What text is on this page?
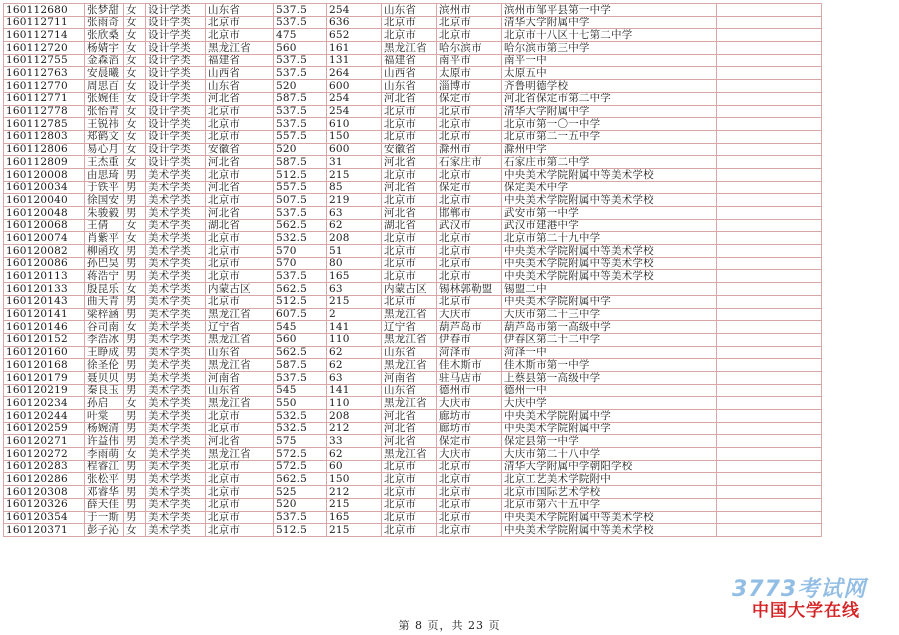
160112680	张梦甜	女	设计学类	山东省	537.5	254	山东省	滨州市	滨州市邹平县第一中学	
160112711	张雨奇	女	设计学类	北京市	537.5	636	北京市	北京市	清华大学附属中学	
160112714	张欣桑	女	设计学类	北京市	475	652	北京市	北京市	北京市十八区十七第二中学	
160112720	杨婧宇	女	设计学类	黑龙江省	560	161	黑龙江省	哈尔滨市	哈尔滨市第三中学	
160112755	金森滔	女	设计学类	福建省	537.5	131	福建省	南平市	南平一中	
160112763	安晨曦	女	设计学类	山西省	537.5	264	山西省	太原市	太原五中	
160112770	周思百	女	设计学类	山东省	520	600	山东省	淄博市	齐鲁明德学校	
160112771	张婉佳	女	设计学类	河北省	587.5	254	河北省	保定市	河北省保定市第二中学	
160112778	张怡青	女	设计学类	北京市	537.5	254	北京市	北京市	清华大学附属中学	
160112785	王锐祎	女	设计学类	北京市	537.5	610	北京市	北京市	北京市第一〇一中学	
160112803	郑鹤文	女	设计学类	北京市	557.5	150	北京市	北京市	北京市第二一五中学	
160112806	易心月	女	设计学类	安徽省	520	600	安徽省	滁州市	滁州中学	
160112809	王杰重	女	设计学类	河北省	587.5	31	河北省	石家庄市	石家庄市第二中学	
160120008	由思琦	男	美术学类	北京市	512.5	215	北京市	北京市	中央美术学院附属中等美术学校	
160120034	于铁平	男	美术学类	河北省	557.5	85	河北省	保定市	保定美术中学	
160120040	徐国安	男	美术学类	北京市	507.5	219	北京市	北京市	中央美术学院附属中等美术学校	
160120048	朱骏毅	男	美术学类	河北省	537.5	63	河北省	邯郸市	武安市第一中学	
160120068	王倩	女	美术学类	湖北省	562.5	62	湖北省	武汉市	武汉市建港中学	
160120074	肖紫平	女	美术学类	北京市	532.5	208	北京市	北京市	北京市第二十九中学	
160120082	柳函玫	男	美术学类	北京市	570	51	北京市	北京市	中央美术学院附属中等美术学校	
160120086	孙巴昊	男	美术学类	北京市	570	80	北京市	北京市	中央美术学院附属中等美术学校	
160120113	蒋浩宁	男	美术学类	北京市	537.5	165	北京市	北京市	中央美术学院附属中等美术学校	
160120133	殷昆乐	女	美术学类	内蒙古区	562.5	63	内蒙古区	锡林郭勒盟	锡盟二中	
160120143	曲天青	男	美术学类	北京市	512.5	215	北京市	北京市	中央美术学院附属中学	
160120141	梁梓涵	男	美术学类	黑龙江省	607.5	2	黑龙江省	大庆市	大庆市第二十三中学	
160120146	谷司南	女	美术学类	辽宁省	545	141	辽宁省	葫芦岛市	葫芦岛市第一高级中学	
160120152	李浩冰	男	美术学类	黑龙江省	560	110	黑龙江省	伊春市	伊春区第二十二中学	
160120160	王睁成	男	美术学类	山东省	562.5	62	山东省	菏泽市	菏泽一中	
160120168	徐圣伦	男	美术学类	黑龙江省	587.5	62	黑龙江省	佳木斯市	佳木斯市第一中学	
160120179	聂贝贝	男	美术学类	河南省	537.5	63	河南省	驻马店市	上蔡县第一高级中学	
160120219	秦良玉	男	美术学类	山东省	545	141	山东省	德州市	德州一中	
160120234	孙启	女	美术学类	黑龙江省	550	110	黑龙江省	大庆市	大庆中学	
160120244	叶棠	男	美术学类	北京市	532.5	208	河北省	廊坊市	中央美术学院附属中学	
160120259	杨婉清	男	美术学类	北京市	532.5	212	河北省	廊坊市	中央美术学院附属中学	
160120271	许益伟	男	美术学类	河北省	575	33	河北省	保定市	保定县第一中学	
160120272	李雨萌	女	美术学类	黑龙江省	572.5	62	黑龙江省	大庆市	大庆市第二十八中学	
160120283	程睿江	男	美术学类	北京市	572.5	60	北京市	北京市	清华大学附属中学朝阳学校	
160120286	张松平	男	美术学类	北京市	562.5	150	北京市	北京市	北京工艺美术学院附中	
160120308	邓睿华	男	美术学类	北京市	525	212	北京市	北京市	北京市国际艺术学校	
160120326	薛天佳	男	美术学类	北京市	520	215	北京市	北京市	北京市第六十五中学	
160120354	于一斯	男	美术学类	北京市	537.5	165	北京市	北京市	中央美术学院附属中等美术学校	
160120371	彭子沁	女	美术学类	北京市	512.5	215	北京市	北京市	中央美术学院附属中等美术学校	
第 8 页，共 23 页
3773考试网
中国大学在线
